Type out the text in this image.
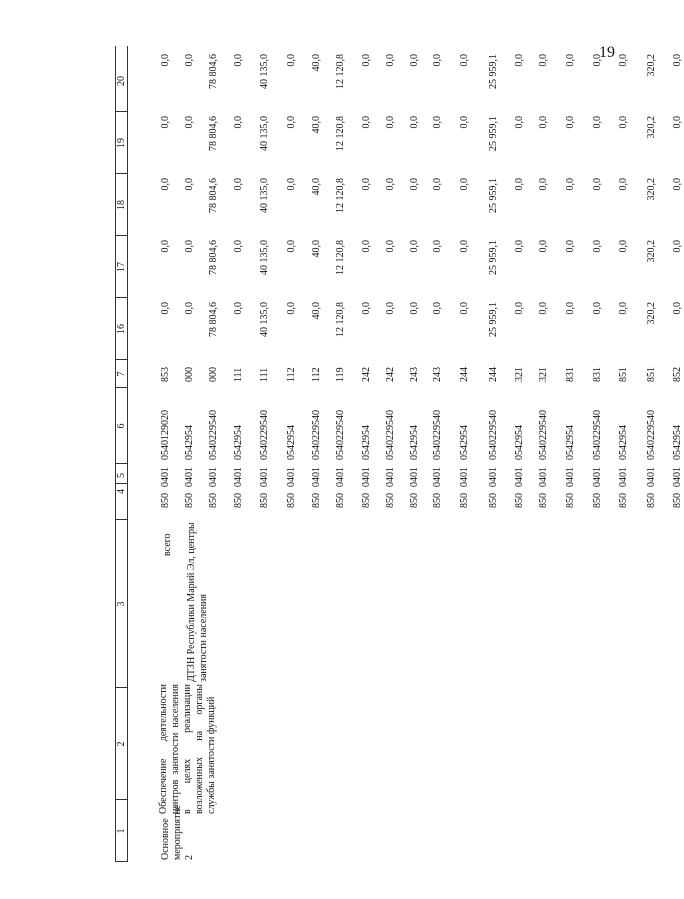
19
1
2
3
4
5
6
7
16
17
18
19
20
Основное мероприятие 2
Обеспечение деятельности центров занятости населения в целях реализации возложенных на органы службы занятости функций
всего ДТЗН Республики Марий Эл, центры занятости населения
850
0401
0540129020
853
0,0
0,0
0,0
0,0
0,0
850
0401
0542954
000
0,0
0,0
0,0
0,0
0,0
850
0401
0540229540
000
78 804,6
78 804,6
78 804,6
78 804,6
78 804,6
850
0401
0542954
111
0,0
0,0
0,0
0,0
0,0
850
0401
0540229540
111
40 135,0
40 135,0
40 135,0
40 135,0
40 135,0
850
0401
0542954
112
0,0
0,0
0,0
0,0
0,0
850
0401
0540229540
112
40,0
40,0
40,0
40,0
40,0
850
0401
0540229540
119
12 120,8
12 120,8
12 120,8
12 120,8
12 120,8
850
0401
0542954
242
0,0
0,0
0,0
0,0
0,0
850
0401
0540229540
242
0,0
0,0
0,0
0,0
0,0
850
0401
0542954
243
0,0
0,0
0,0
0,0
0,0
850
0401
0540229540
243
0,0
0,0
0,0
0,0
0,0
850
0401
0542954
244
0,0
0,0
0,0
0,0
0,0
850
0401
0540229540
244
25 959,1
25 959,1
25 959,1
25 959,1
25 959,1
850
0401
0542954
321
0,0
0,0
0,0
0,0
0,0
850
0401
0540229540
321
0,0
0,0
0,0
0,0
0,0
850
0401
0542954
831
0,0
0,0
0,0
0,0
0,0
850
0401
0540229540
831
0,0
0,0
0,0
0,0
0,0
850
0401
0542954
851
0,0
0,0
0,0
0,0
0,0
850
0401
0540229540
851
320,2
320,2
320,2
320,2
320,2
850
0401
0542954
852
0,0
0,0
0,0
0,0
0,0
